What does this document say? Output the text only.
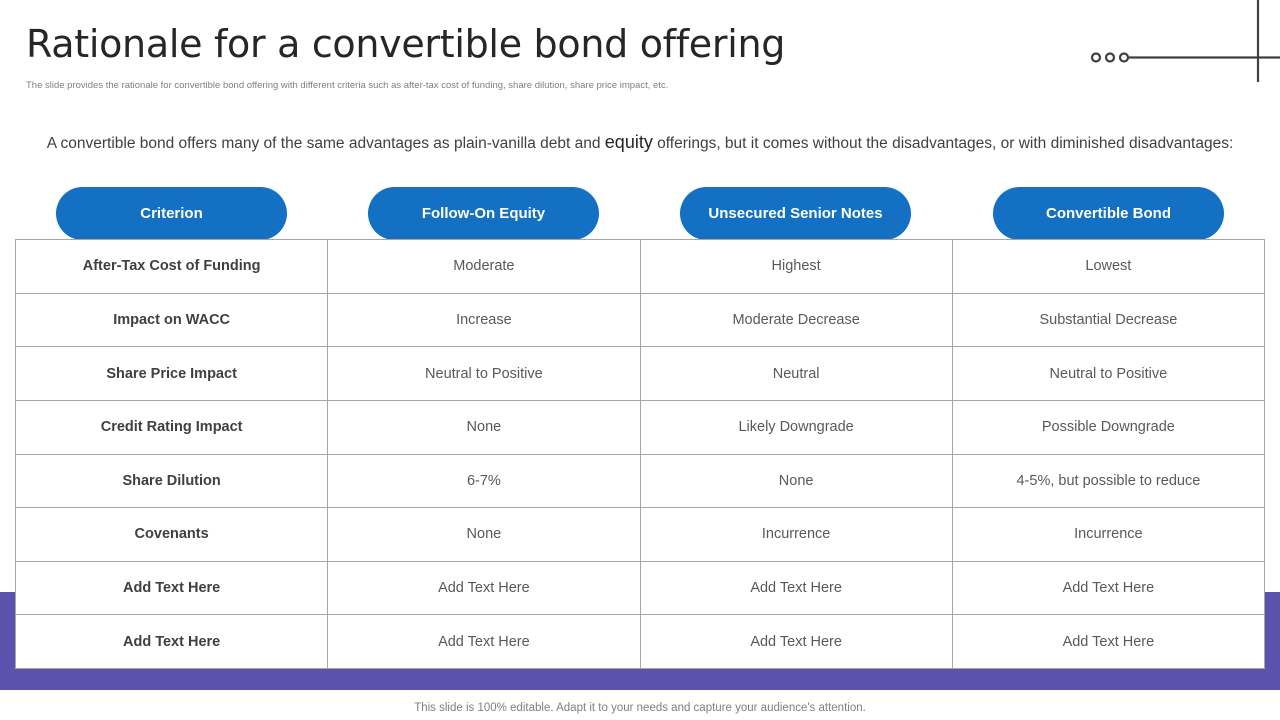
Rationale for a convertible bond offering
The slide provides the rationale for convertible bond offering with different criteria such as after-tax cost of funding, share dilution, share price impact, etc.
A convertible bond offers many of the same advantages as plain-vanilla debt and equity offerings, but it comes without the disadvantages, or with diminished disadvantages:
Criterion	Follow-On Equity	Unsecured Senior Notes	Convertible Bond
After-Tax Cost of Funding	Moderate	Highest	Lowest
Impact on WACC	Increase	Moderate Decrease	Substantial Decrease
Share Price Impact	Neutral to Positive	Neutral	Neutral to Positive
Credit Rating Impact	None	Likely Downgrade	Possible Downgrade
Share Dilution	6-7%	None	4-5%, but possible to reduce
Covenants	None	Incurrence	Incurrence
Add Text Here	Add Text Here	Add Text Here	Add Text Here
Add Text Here	Add Text Here	Add Text Here	Add Text Here
This slide is 100% editable. Adapt it to your needs and capture your audience's attention.
